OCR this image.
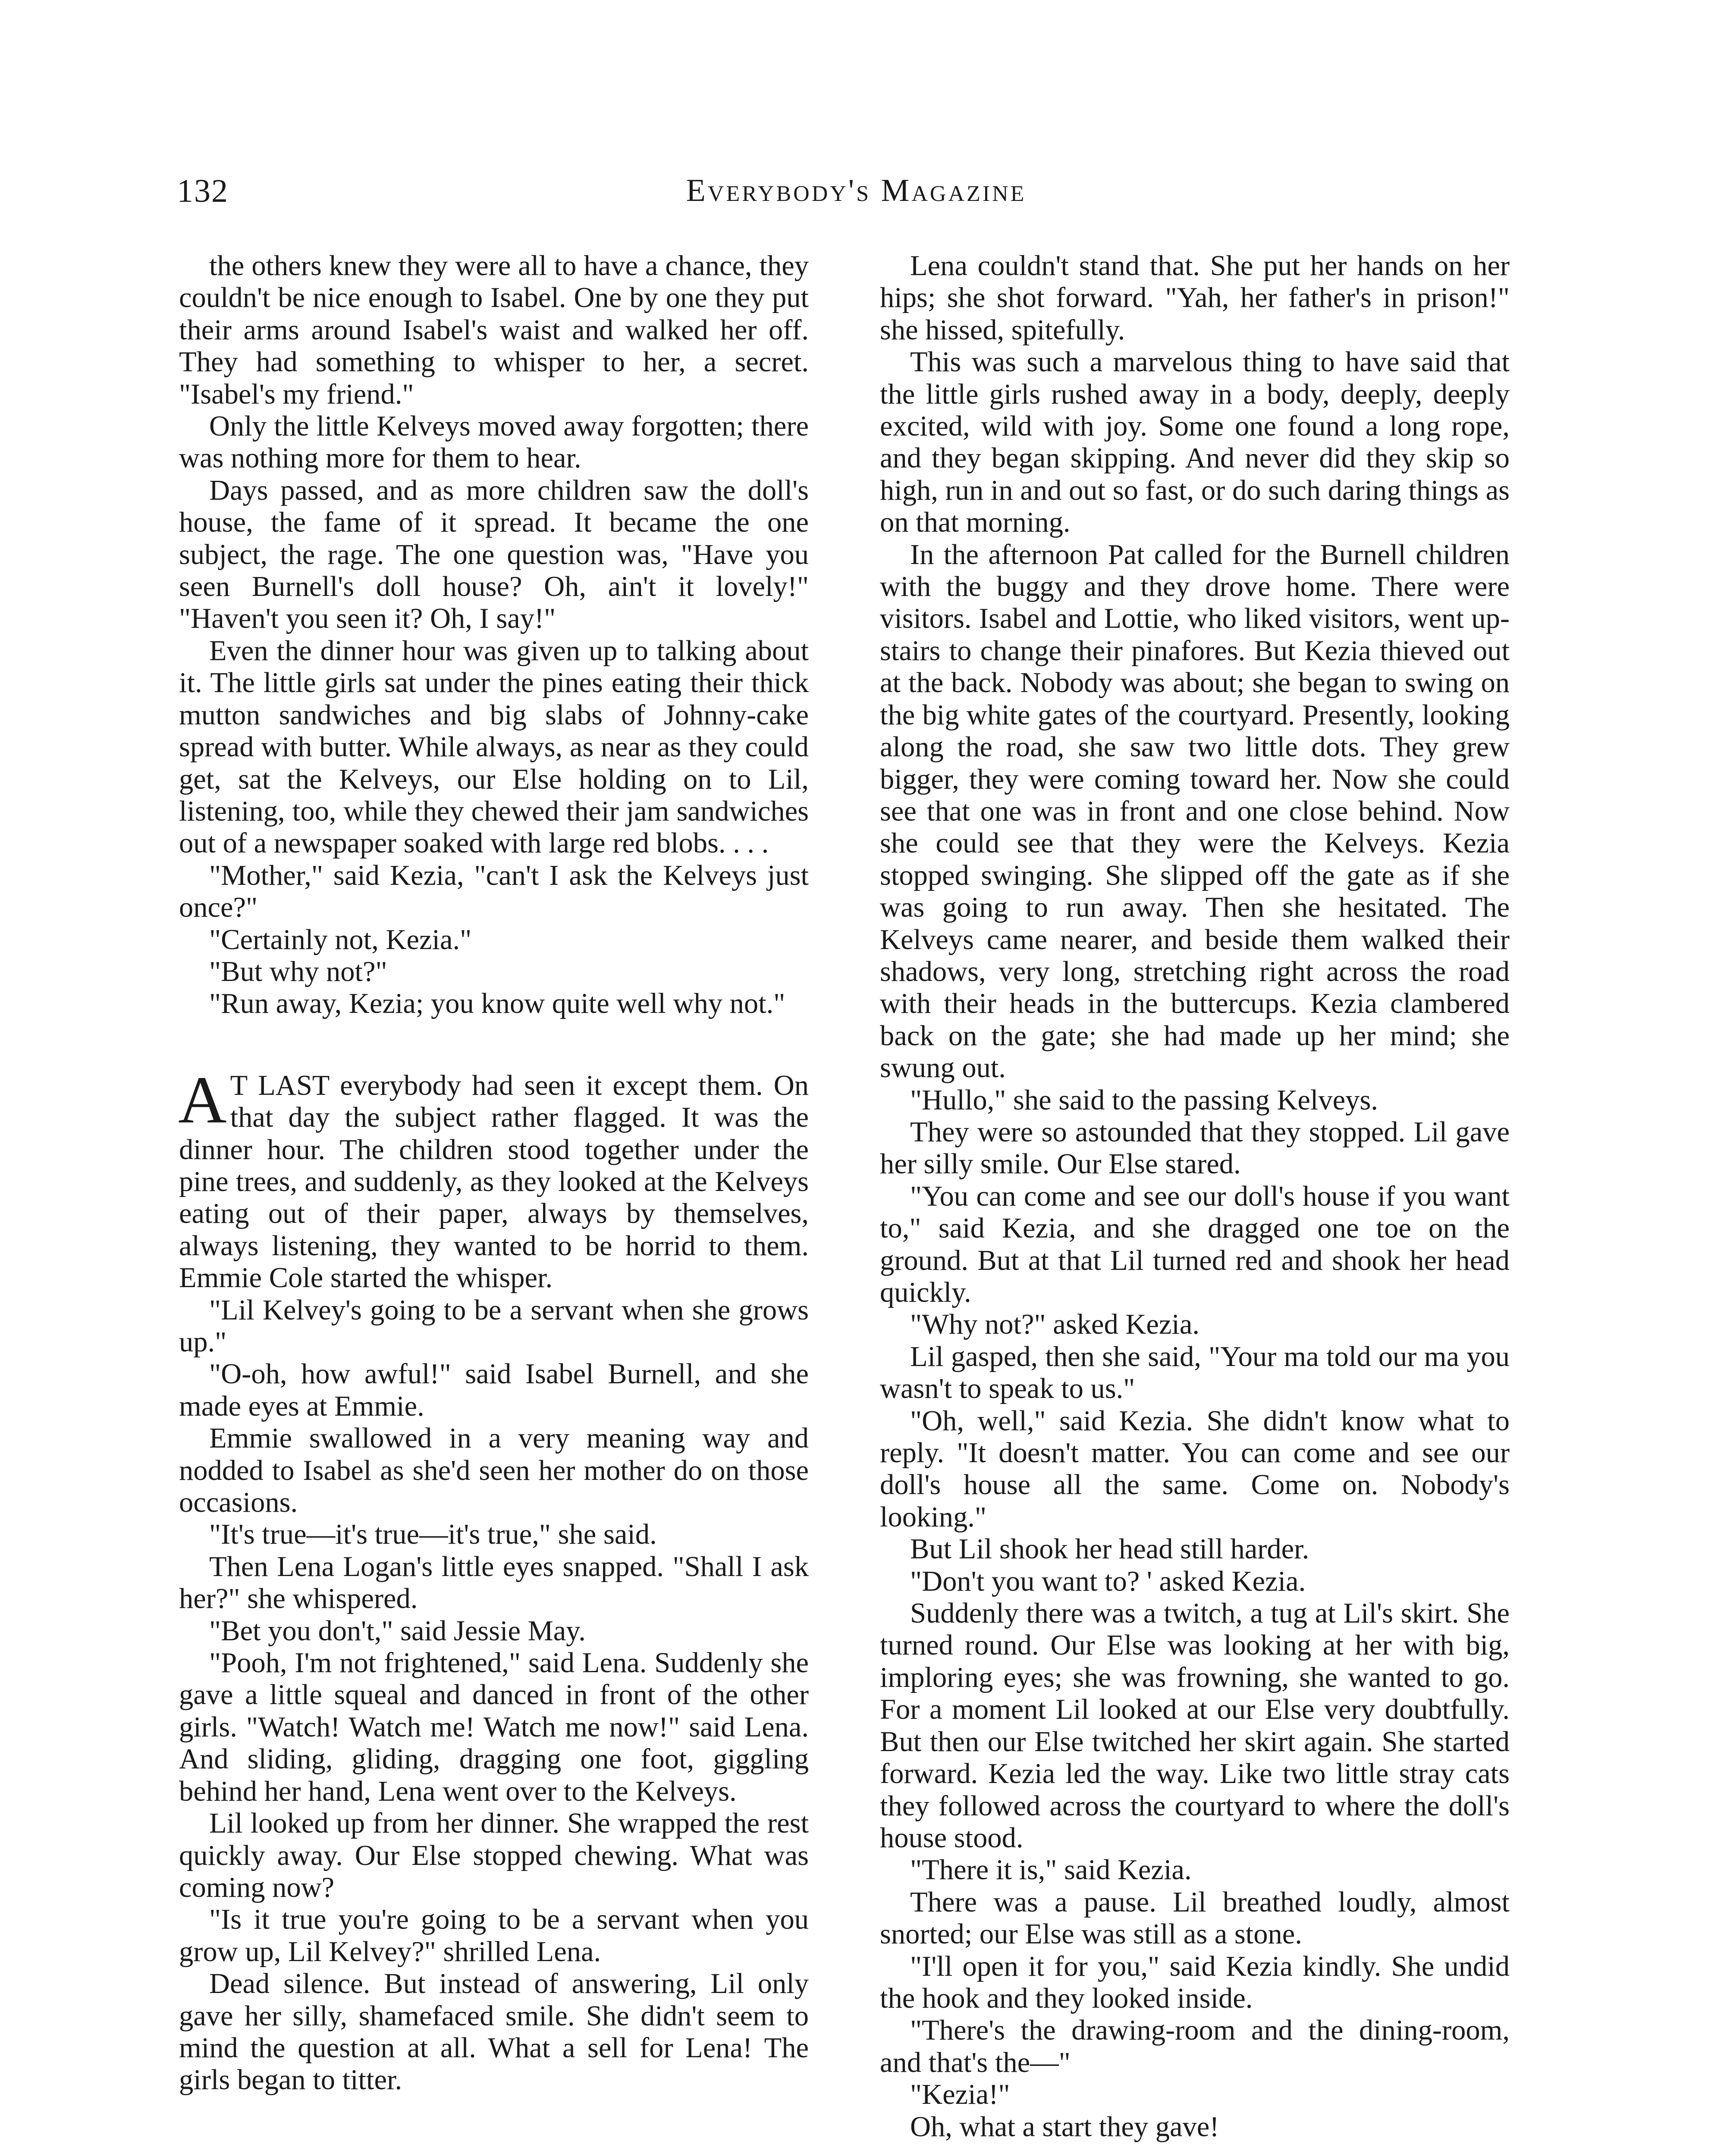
132	Everybody's Magazine

the others knew they were all to have a chance, they couldn't be nice enough to Isabel. One by one they put their arms around Isabel's waist and walked her off. They had something to whisper to her, a secret. "Isabel's my friend."

Only the little Kelveys moved away forgotten; there was nothing more for them to hear.

Days passed, and as more children saw the doll's house, the fame of it spread. It became the one subject, the rage. The one question was, "Have you seen Burnell's doll house? Oh, ain't it lovely!" "Haven't you seen it? Oh, I say!"

Even the dinner hour was given up to talking about it. The little girls sat under the pines eating their thick mutton sandwiches and big slabs of Johnny-cake spread with butter. While always, as near as they could get, sat the Kelveys, our Else holding on to Lil, listening, too, while they chewed their jam sandwiches out of a newspaper soaked with large red blobs. . . .

"Mother," said Kezia, "can't I ask the Kelveys just once?"

"Certainly not, Kezia."

"But why not?"

"Run away, Kezia; you know quite well why not."

A T LAST everybody had seen it except them. On that day the subject rather flagged. It was the dinner hour. The children stood together under the pine trees, and suddenly, as they looked at the Kelveys eating out of their paper, always by themselves, always listening, they wanted to be horrid to them. Emmie Cole started the whisper.

"Lil Kelvey's going to be a servant when she grows up."

"O-oh, how awful!" said Isabel Burnell, and she made eyes at Emmie.

Emmie swallowed in a very meaning way and nodded to Isabel as she'd seen her mother do on those occasions.

"It's true—it's true—it's true," she said.

Then Lena Logan's little eyes snapped. "Shall I ask her?" she whispered.

"Bet you don't," said Jessie May.

"Pooh, I'm not frightened," said Lena. Suddenly she gave a little squeal and danced in front of the other girls. "Watch! Watch me! Watch me now!" said Lena. And sliding, gliding, dragging one foot, giggling behind her hand, Lena went over to the Kelveys.

Lil looked up from her dinner. She wrapped the rest quickly away. Our Else stopped chewing. What was coming now?

"Is it true you're going to be a servant when you grow up, Lil Kelvey?" shrilled Lena.

Dead silence. But instead of answering, Lil only gave her silly, shamefaced smile. She didn't seem to mind the question at all. What a sell for Lena! The girls began to titter.

Lena couldn't stand that. She put her hands on her hips; she shot forward. "Yah, her father's in prison!" she hissed, spitefully.

This was such a marvelous thing to have said that the little girls rushed away in a body, deeply, deeply excited, wild with joy. Some one found a long rope, and they began skipping. And never did they skip so high, run in and out so fast, or do such daring things as on that morning.

In the afternoon Pat called for the Burnell children with the buggy and they drove home. There were visitors. Isabel and Lottie, who liked visitors, went up-stairs to change their pinafores. But Kezia thieved out at the back. Nobody was about; she began to swing on the big white gates of the courtyard. Presently, looking along the road, she saw two little dots. They grew bigger, they were coming toward her. Now she could see that one was in front and one close behind. Now she could see that they were the Kelveys. Kezia stopped swinging. She slipped off the gate as if she was going to run away. Then she hesitated. The Kelveys came nearer, and beside them walked their shadows, very long, stretching right across the road with their heads in the buttercups. Kezia clambered back on the gate; she had made up her mind; she swung out.

"Hullo," she said to the passing Kelveys.

They were so astounded that they stopped. Lil gave her silly smile. Our Else stared.

"You can come and see our doll's house if you want to," said Kezia, and she dragged one toe on the ground. But at that Lil turned red and shook her head quickly.

"Why not?" asked Kezia.

Lil gasped, then she said, "Your ma told our ma you wasn't to speak to us."

"Oh, well," said Kezia. She didn't know what to reply. "It doesn't matter. You can come and see our doll's house all the same. Come on. Nobody's looking."

But Lil shook her head still harder.

"Don't you want to? ' asked Kezia.

Suddenly there was a twitch, a tug at Lil's skirt. She turned round. Our Else was looking at her with big, imploring eyes; she was frowning, she wanted to go. For a moment Lil looked at our Else very doubtfully. But then our Else twitched her skirt again. She started forward. Kezia led the way. Like two little stray cats they followed across the courtyard to where the doll's house stood.

"There it is," said Kezia.

There was a pause. Lil breathed loudly, almost snorted; our Else was still as a stone.

"I'll open it for you," said Kezia kindly. She undid the hook and they looked inside.

"There's the drawing-room and the dining-room, and that's the—"

"Kezia!"

Oh, what a start they gave!
